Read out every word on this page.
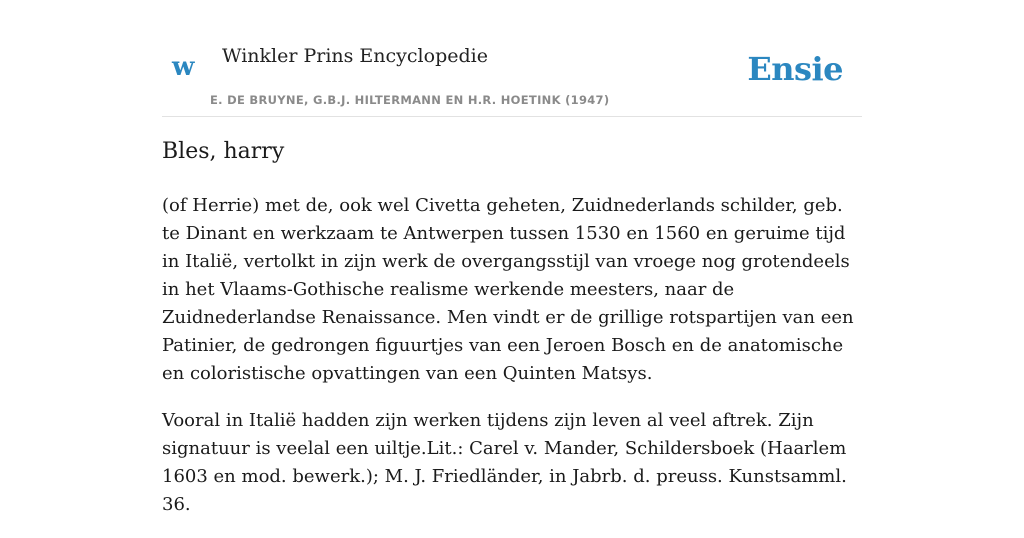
w Winkler Prins Encyclopedie
E. DE BRUYNE, G.B.J. HILTERMANN EN H.R. HOETINK (1947)
Ensie
Bles, harry

(of Herrie) met de, ook wel Civetta geheten, Zuidnederlands schilder, geb. te Dinant en werkzaam te Antwerpen tussen 1530 en 1560 en geruime tijd in Italië, vertolkt in zijn werk de overgangsstijl van vroege nog grotendeels in het Vlaams-Gothische realisme werkende meesters, naar de Zuidnederlandse Renaissance. Men vindt er de grillige rotspartijen van een Patinier, de gedrongen figuurtjes van een Jeroen Bosch en de anatomische en coloristische opvattingen van een Quinten Matsys.

Vooral in Italië hadden zijn werken tijdens zijn leven al veel aftrek. Zijn signatuur is veelal een uiltje.Lit.: Carel v. Mander, Schildersboek (Haarlem 1603 en mod. bewerk.); M. J. Friedländer, in Jabrb. d. preuss. Kunstsamml. 36.
